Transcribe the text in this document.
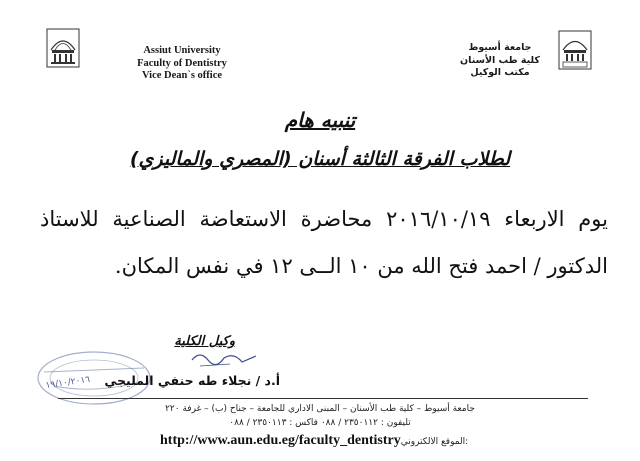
Assiut University
Faculty of Dentistry
Vice Dean`s office
جامعة أسيوط
كلية طب الأسنان
مكتب الوكيل
تنبيه هام
لطلاب الفرقة الثالثة أسنان (المصري والماليزي)
يوم الاربعاء ٢٠١٦/١٠/١٩ محاضرة الاستعاضة الصناعية للاستاذ الدكتور / احمد فتح الله من ١٠ الــى ١٢ في نفس المكان.
١٩/١٠/٢٠١٦
وكيل الكلية
أ.د / نجلاء طه حنفي المليجي
جامعة أسيوط – كلية طب الأسنان – المبنى الاداري للجامعة – جناح (ب) – غرفة ٢٢٠
تليفون : ٢٣٥٠١١٢ / ٠٨٨ فاكس : ٢٣٥٠١١٣ / ٠٨٨
http://www.aun.edu.eg/faculty_dentistryالموقع الالكتروني:
